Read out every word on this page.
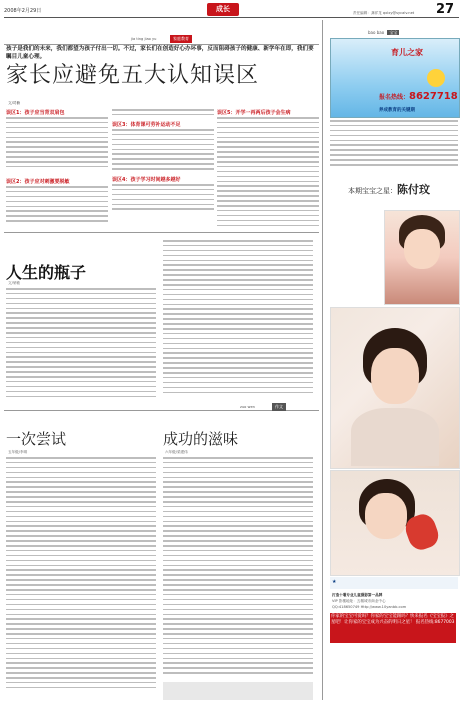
2008年2月29日	成长	责任编辑：龚祥龙 qxlxy@sycalv.net 27
jia ting jiao yu	家庭教育
孩子是我们的未来，我们都望为孩子付出一切。不过，家长们在创造好心办坏事，反而阻碍孩子的健康、新学年在即，我们要瞩目儿童心理。
家长应避免五大认知误区
文/司楠
误区1：孩子应当背双肩包
误区2：孩子应对刺激要脱敏
误区3：体育课可劳补运动不足
误区4：孩子学习时间越多越好
误区5：开学一再两后孩子会生病
人生的瓶子
文/荣敏
zuo wen	作文
一次尝试
五年级/李琪
成功的滋味
六年级/梁建伟
bao bao 宝宝
育儿之家
报名热线：8627718
养成教育的关键期
本期宝宝之星：陈付玟
★
打造十堰专业儿童摄影第一品牌
VIP 影楼地址：五堰城市商业中心
QQ:418650749 Http://www.10yanbb.com
你家的宝宝可爱吗？你家的宝宝能跟吗？快来报名《宝宝报》之星吧！让你家的宝宝成为兴奋的明日之星！ 报名热线:8677003
